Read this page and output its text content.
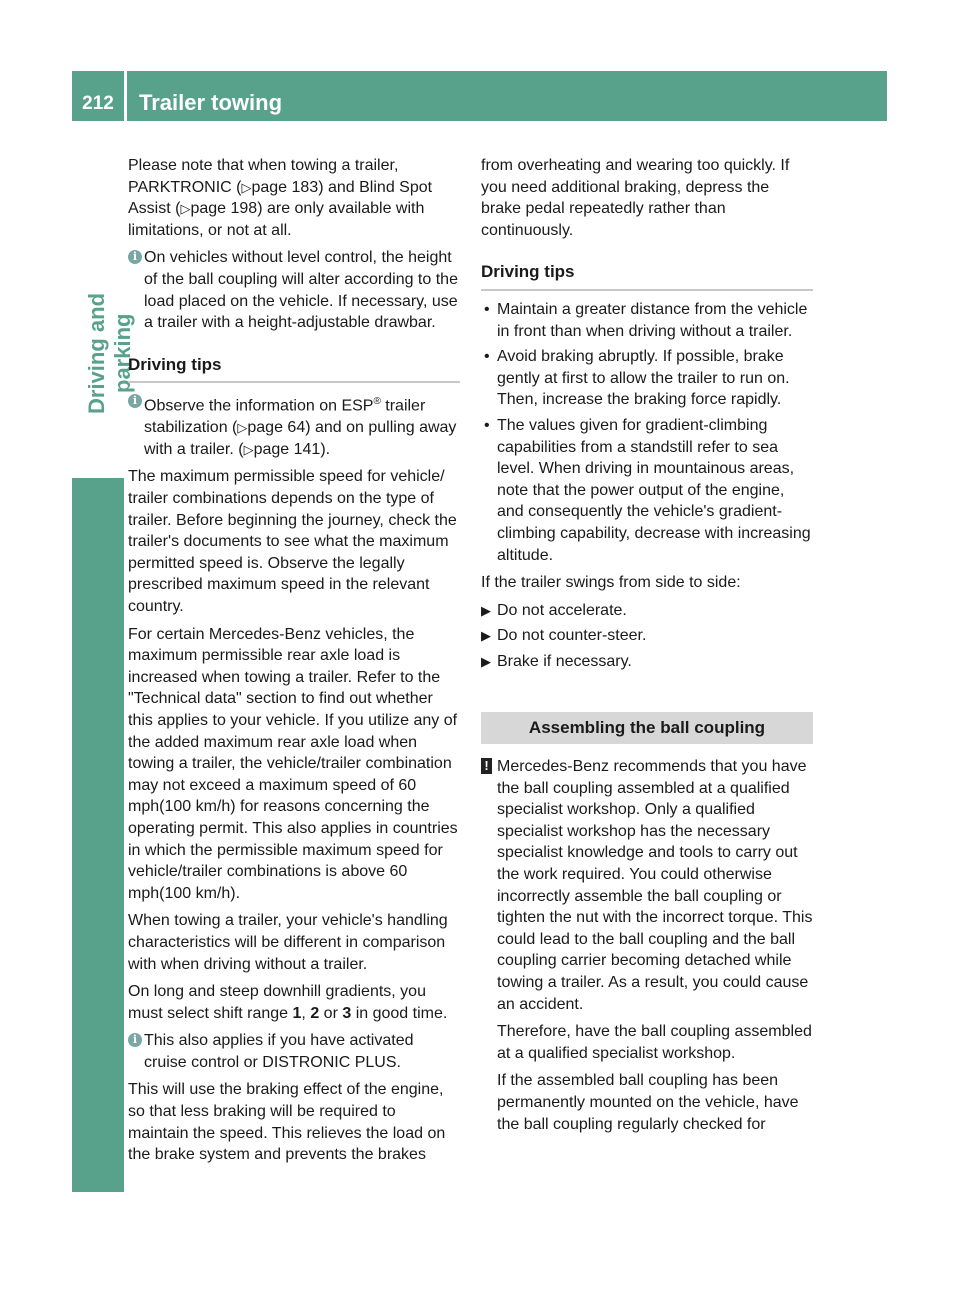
212	Trailer towing
Driving and parking

Please note that when towing a trailer, PARKTRONIC (▷page 183) and Blind Spot Assist (▷page 198) are only available with limitations, or not at all.

i On vehicles without level control, the height of the ball coupling will alter according to the load placed on the vehicle. If necessary, use a trailer with a height-adjustable drawbar.
Driving tips
i Observe the information on ESP® trailer stabilization (▷page 64) and on pulling away with a trailer. (▷page 141).

The maximum permissible speed for vehicle/ trailer combinations depends on the type of trailer. Before beginning the journey, check the trailer's documents to see what the maximum permitted speed is. Observe the legally prescribed maximum speed in the relevant country.

For certain Mercedes-Benz vehicles, the maximum permissible rear axle load is increased when towing a trailer. Refer to the "Technical data" section to find out whether this applies to your vehicle. If you utilize any of the added maximum rear axle load when towing a trailer, the vehicle/trailer combination may not exceed a maximum speed of 60 mph(100 km/h) for reasons concerning the operating permit. This also applies in countries in which the permissible maximum speed for vehicle/trailer combinations is above 60 mph(100 km/h).

When towing a trailer, your vehicle's handling characteristics will be different in comparison with when driving without a trailer.

On long and steep downhill gradients, you must select shift range 1, 2 or 3 in good time.

i This also applies if you have activated cruise control or DISTRONIC PLUS.

This will use the braking effect of the engine, so that less braking will be required to maintain the speed. This relieves the load on the brake system and prevents the brakes

from overheating and wearing too quickly. If you need additional braking, depress the brake pedal repeatedly rather than continuously.

Driving tips
• Maintain a greater distance from the vehicle in front than when driving without a trailer.
• Avoid braking abruptly. If possible, brake gently at first to allow the trailer to run on. Then, increase the braking force rapidly.
• The values given for gradient-climbing capabilities from a standstill refer to sea level. When driving in mountainous areas, note that the power output of the engine, and consequently the vehicle's gradient-climbing capability, decrease with increasing altitude.

If the trailer swings from side to side:

▶ Do not accelerate.
▶ Do not counter-steer.
▶ Brake if necessary.
Assembling the ball coupling
! Mercedes-Benz recommends that you have the ball coupling assembled at a qualified specialist workshop. Only a qualified specialist workshop has the necessary specialist knowledge and tools to carry out the work required. You could otherwise incorrectly assemble the ball coupling or tighten the nut with the incorrect torque. This could lead to the ball coupling and the ball coupling carrier becoming detached while towing a trailer. As a result, you could cause an accident.

Therefore, have the ball coupling assembled at a qualified specialist workshop.

If the assembled ball coupling has been permanently mounted on the vehicle, have the ball coupling regularly checked for
